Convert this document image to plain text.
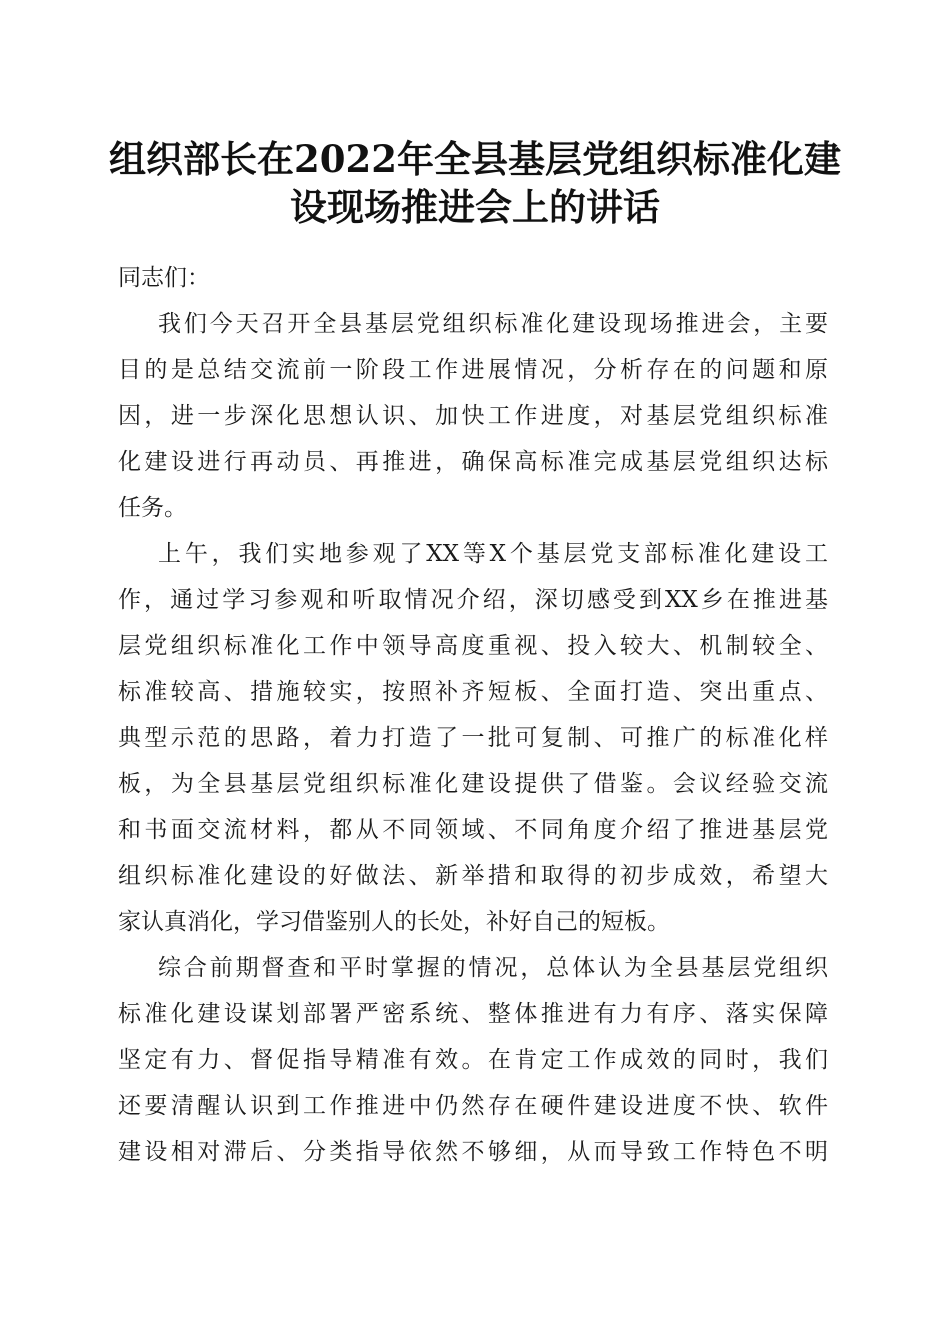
组织部长在2022年全县基层党组织标准化建
设现场推进会上的讲话
同志们：
我们今天召开全县基层党组织标准化建设现场推进会，主要
目的是总结交流前一阶段工作进展情况，分析存在的问题和原
因，进一步深化思想认识、加快工作进度，对基层党组织标准
化建设进行再动员、再推进，确保高标准完成基层党组织达标
任务。
上午，我们实地参观了XX等X个基层党支部标准化建设工
作，通过学习参观和听取情况介绍，深切感受到XX乡在推进基
层党组织标准化工作中领导高度重视、投入较大、机制较全、
标准较高、措施较实，按照补齐短板、全面打造、突出重点、
典型示范的思路，着力打造了一批可复制、可推广的标准化样
板，为全县基层党组织标准化建设提供了借鉴。会议经验交流
和书面交流材料，都从不同领域、不同角度介绍了推进基层党
组织标准化建设的好做法、新举措和取得的初步成效，希望大
家认真消化，学习借鉴别人的长处，补好自己的短板。
综合前期督查和平时掌握的情况，总体认为全县基层党组织
标准化建设谋划部署严密系统、整体推进有力有序、落实保障
坚定有力、督促指导精准有效。在肯定工作成效的同时，我们
还要清醒认识到工作推进中仍然存在硬件建设进度不快、软件
建设相对滞后、分类指导依然不够细，从而导致工作特色不明
